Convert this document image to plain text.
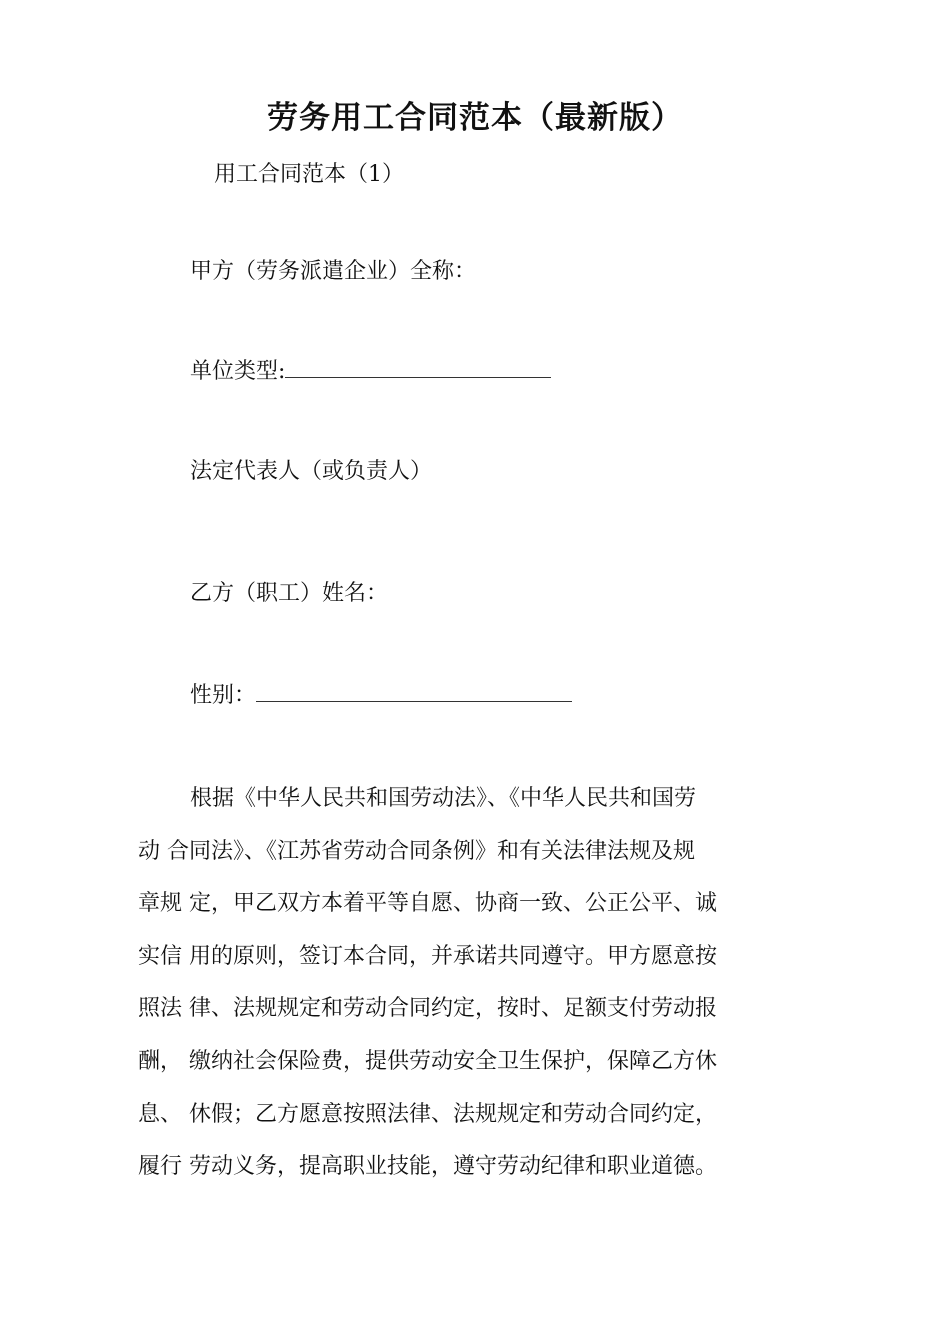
劳务用工合同范本（最新版）
用工合同范本（1）
甲方（劳务派遣企业）全称：
单位类型:
法定代表人（或负责人）
乙方（职工）姓名：
性别：
根据《中华人民共和国劳动法》、《中华人民共和国劳
动 合同法》、《江苏省劳动合同条例》和有关法律法规及规
章规 定，甲乙双方本着平等自愿、协商一致、公正公平、诚
实信 用的原则，签订本合同，并承诺共同遵守。甲方愿意按
照法 律、法规规定和劳动合同约定，按时、足额支付劳动报
酬， 缴纳社会保险费，提供劳动安全卫生保护，保障乙方休
息、 休假；乙方愿意按照法律、法规规定和劳动合同约定，
履行 劳动义务，提高职业技能，遵守劳动纪律和职业道德。
